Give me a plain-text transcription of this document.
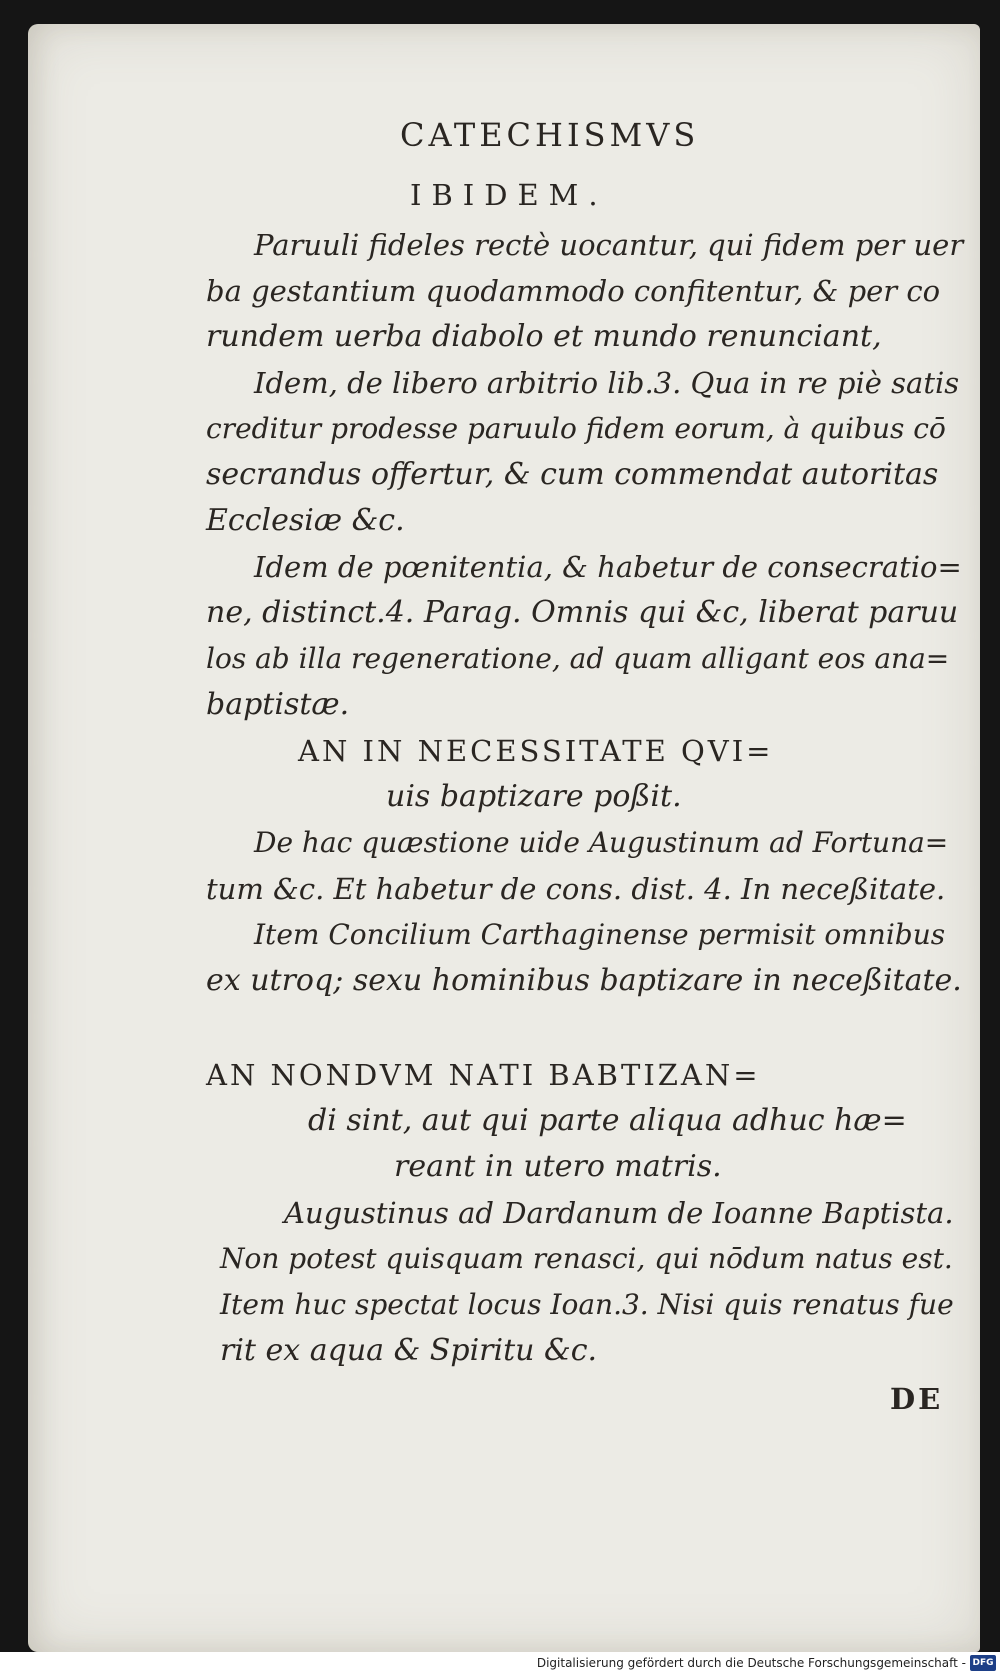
CATECHISMVS
IBIDEM.
Paruuli fideles rectè uocantur, qui fidem per uer
ba gestantium quodammodo confitentur, & per co
rundem uerba diabolo et mundo renunciant,
Idem, de libero arbitrio lib.3. Qua in re piè satis
creditur prodesse paruulo fidem eorum, à quibus cō
secrandus offertur, & cum commendat autoritas
Ecclesiæ &c.
Idem de pœnitentia, & habetur de consecratio=
ne, distinct.4. Parag. Omnis qui &c, liberat paruu
los ab illa regeneratione, ad quam alligant eos ana=
baptistæ.
AN IN NECESSITATE QVI=
uis baptizare poßit.
De hac quæstione uide Augustinum ad Fortuna=
tum &c. Et habetur de cons. dist. 4. In neceßitate.
Item Concilium Carthaginense permisit omnibus
ex utroq; sexu hominibus baptizare in neceßitate.
AN NONDVM NATI BABTIZAN=
di sint, aut qui parte aliqua adhuc hæ=
reant in utero matris.
Augustinus ad Dardanum de Ioanne Baptista.
Non potest quisquam renasci, qui nōdum natus est.
Item huc spectat locus Ioan.3. Nisi quis renatus fue
rit ex aqua & Spiritu &c.
DE
Digitalisierung gefördert durch die Deutsche Forschungsgemeinschaft - DFG
